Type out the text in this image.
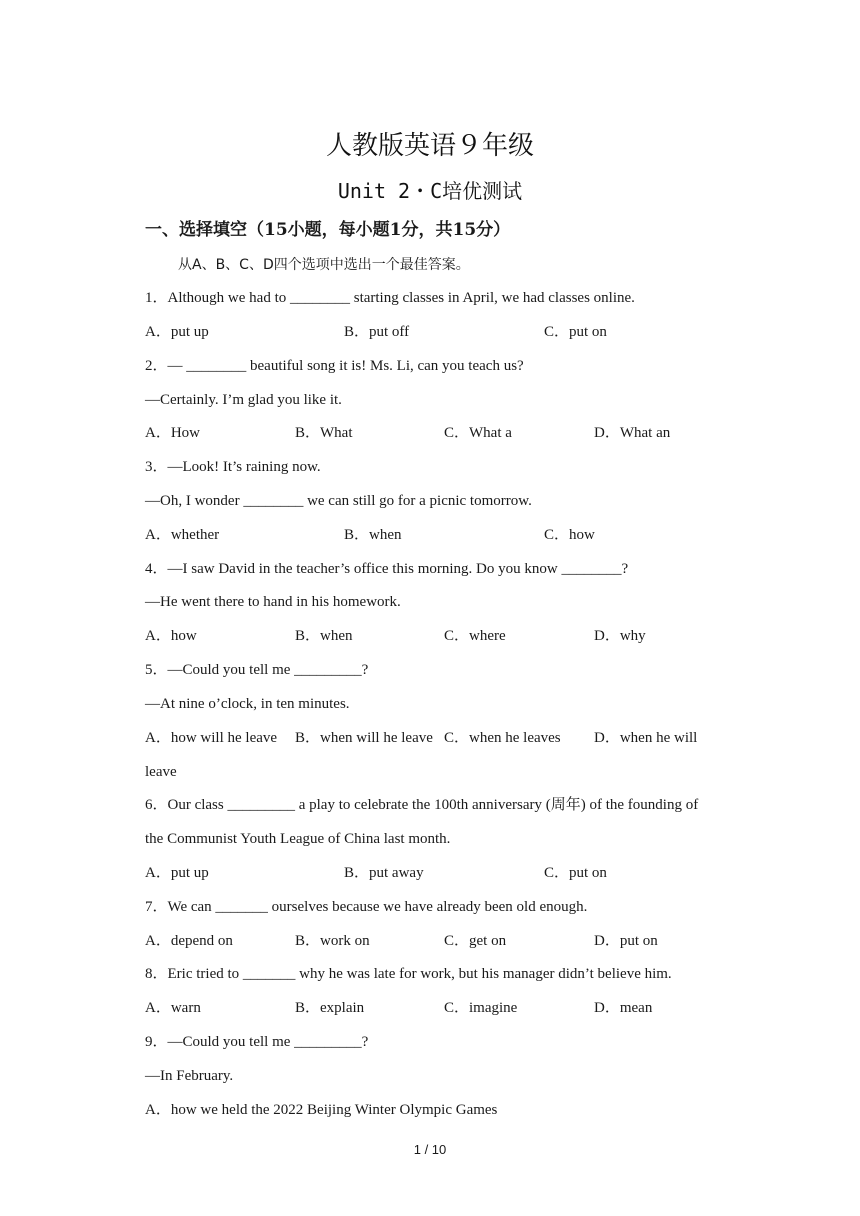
人教版英语９年级
Unit 2・C培优测试
一、选择填空（15小题，每小题1分，共15分）
从A、B、C、D四个选项中选出一个最佳答案。
1．Although we had to ________ starting classes in April, we had classes online.
A．put up	B．put off	C．put on
2．— ________ beautiful song it is! Ms. Li, can you teach us?
—Certainly. I’m glad you like it.
A．How	B．What	C．What a	D．What an
3．—Look! It’s raining now.
—Oh, I wonder ________ we can still go for a picnic tomorrow.
A．whether	B．when	C．how
4．—I saw David in the teacher’s office this morning. Do you know ________?
—He went there to hand in his homework.
A．how	B．when	C．where	D．why
5．—Could you tell me _________?
—At nine o’clock, in ten minutes.
A．how will he leave B．when will he leave C．when he leaves D．when he will
leave
6．Our class _________ a play to celebrate the 100th anniversary (周年) of the founding of
the Communist Youth League of China last month.
A．put up	B．put away	C．put on
7．We can _______ ourselves because we have already been old enough.
A．depend on	B．work on	C．get on	D．put on
8．Eric tried to _______ why he was late for work, but his manager didn’t believe him.
A．warn	B．explain	C．imagine	D．mean
9．—Could you tell me _________?
—In February.
A．how we held the 2022 Beijing Winter Olympic Games
1 / 10
